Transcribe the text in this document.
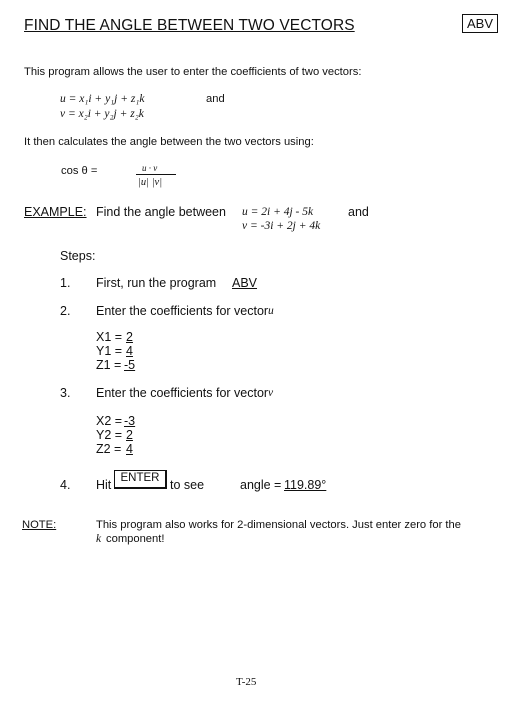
FIND THE ANGLE BETWEEN TWO VECTORS	ABV
This program allows the user to enter the coefficients of two vectors:
u = x₁i + y₁j + z₁k	and
v = x₂i + y₂j + z₂k
It then calculates the angle between the two vectors using:
cos θ =	u · v
|u| |v|
EXAMPLE: Find the angle between u = 2i + 4j - 5k	and
v = -3i + 2j + 4k
Steps:
1. First, run the program ABV
2. Enter the coefficients for vector u
X1 = 2
Y1 = 4
Z1 = -5
3. Enter the coefficients for vector v
X2 = -3
Y2 = 2
Z2 = 4
4. Hit ENTER to see	angle = 119.89°
NOTE:	This program also works for 2-dimensional vectors. Just enter zero for the
k component!
T-25
